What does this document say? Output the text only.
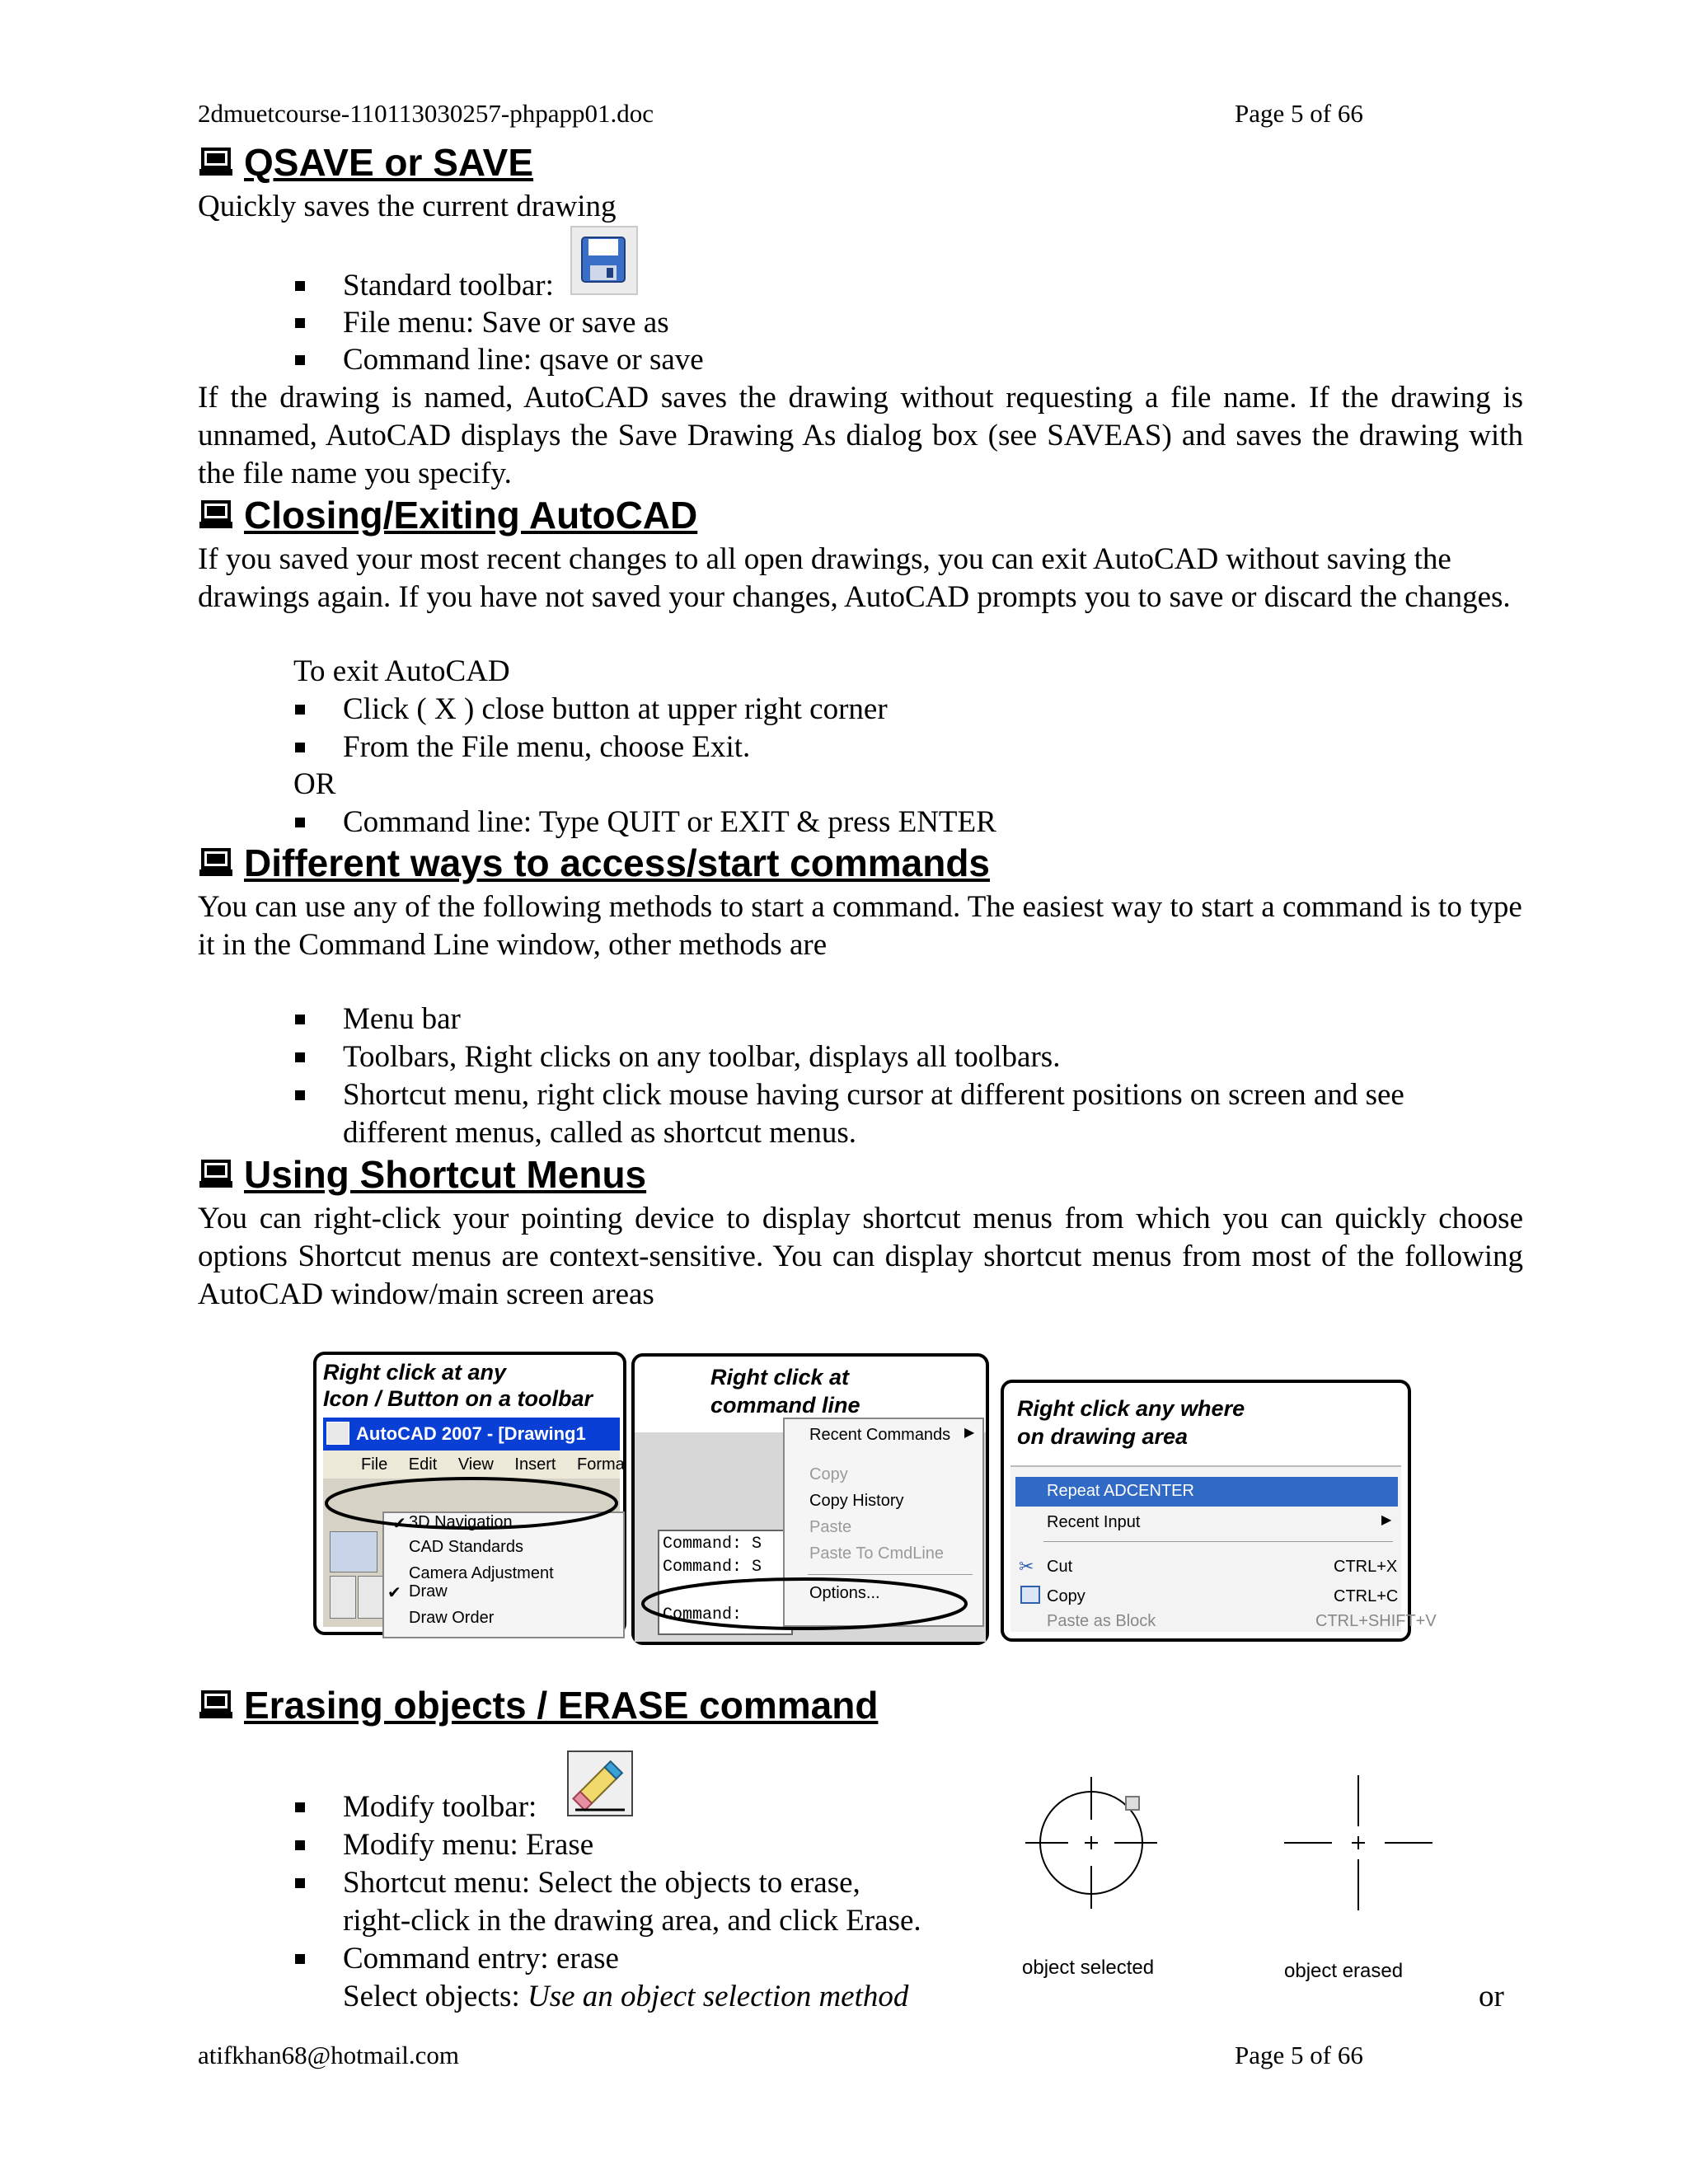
2dmuetcourse-110113030257-phpapp01.doc	Page 5 of 66
QSAVE or SAVE
Quickly saves the current drawing
Standard toolbar:
File menu: Save or save as
Command line: qsave or save
If the drawing is named, AutoCAD saves the drawing without requesting a file name. If the drawing is unnamed, AutoCAD displays the Save Drawing As dialog box (see SAVEAS) and saves the drawing with the file name you specify.
Closing/Exiting AutoCAD
If you saved your most recent changes to all open drawings, you can exit AutoCAD without saving the drawings again. If you have not saved your changes, AutoCAD prompts you to save or discard the changes.
To exit AutoCAD
Click ( X ) close button at upper right corner
From the File menu, choose Exit.
OR
Command line: Type QUIT or EXIT & press ENTER
Different ways to access/start commands
You can use any of the following methods to start a command. The easiest way to start a command is to type it in the Command Line window, other methods are
Menu bar
Toolbars, Right clicks on any toolbar, displays all toolbars.
Shortcut menu, right click mouse having cursor at different positions on screen and see
different menus, called as shortcut menus.
Using Shortcut Menus
You can right-click your pointing device to display shortcut menus from which you can quickly choose options Shortcut menus are context-sensitive. You can display shortcut menus from most of the following AutoCAD window/main screen areas
Right click at any
Icon / Button on a toolbar
AutoCAD 2007 - [Drawing1
File Edit View Insert Forma
3D Navigation
CAD Standards
Camera Adjustment
✔ Draw
Draw Order
✔
Right click at
command line
Command: S
Command: S
Command:
Recent Commands ▶
Copy
Copy History
Paste
Paste To CmdLine
Options...
Right click any where
on drawing area
Repeat ADCENTER
Recent Input	▶
✂ Cut	CTRL+X
Copy	CTRL+C
Paste as Block	CTRL+SHIFT+V
Erasing objects / ERASE command
Modify toolbar:
Modify menu: Erase
Shortcut menu: Select the objects to erase,
right-click in the drawing area, and click Erase.
Command entry: erase
Select objects: Use an object selection method	or
object selected	object erased
atifkhan68@hotmail.com	Page 5 of 66
